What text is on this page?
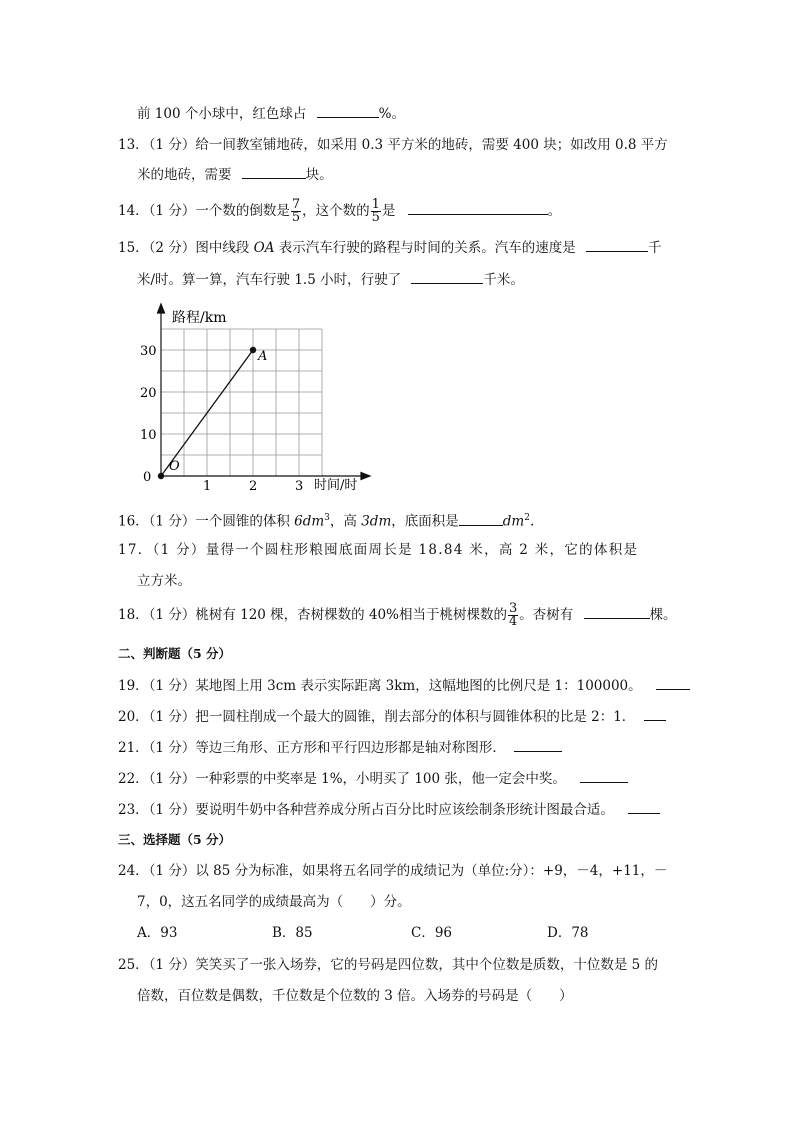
前 100 个小球中，红色球占	%。
13．（1 分）给一间教室铺地砖，如采用 0.3 平方米的地砖，需要 400 块；如改用 0.8 平方
米的地砖，需要	块。
14．（1 分）一个数的倒数是 $\frac{7}{5}$ ，这个数的 $\frac{1}{5}$ 是	。
15．（2 分）图中线段 OA 表示汽车行驶的路程与时间的关系。汽车的速度是	千
米/时。算一算，汽车行驶 1.5 小时，行驶了	千米。
路程/km
时间/时
0
1	2	3
10
20
30
O
A
16．（1 分）一个圆锥的体积 $6dm^3$，高 3dm，底面积是	$dm^2$.
17．（1 分）量得一个圆柱形粮囤底面周长是 18.84 米，高 2 米，它的体积是
立方米。
18．（1 分）桃树有 120 棵，杏树棵数的 40%相当于桃树棵数的 $\frac{3}{4}$ 。杏树有	棵。
二、判断题（5 分）
19．（1 分）某地图上用 3cm 表示实际距离 3km，这幅地图的比例尺是 1：100000。
20．（1 分）把一圆柱削成一个最大的圆锥，削去部分的体积与圆锥体积的比是 2：1．
21．（1 分）等边三角形、正方形和平行四边形都是轴对称图形．
22．（1 分）一种彩票的中奖率是 1%，小明买了 100 张，他一定会中奖。
23．（1 分）要说明牛奶中各种营养成分所占百分比时应该绘制条形统计图最合适。
三、选择题（5 分）
24．（1 分）以 85 分为标准，如果将五名同学的成绩记为（单位:分）：+9，－4，+11，－
7，0，这五名同学的成绩最高为（　　）分。
A．93	B．85	C．96	D．78
25．（1 分）笑笑买了一张入场券，它的号码是四位数，其中个位数是质数，十位数是 5 的
倍数，百位数是偶数，千位数是个位数的 3 倍。入场券的号码是（　　）
